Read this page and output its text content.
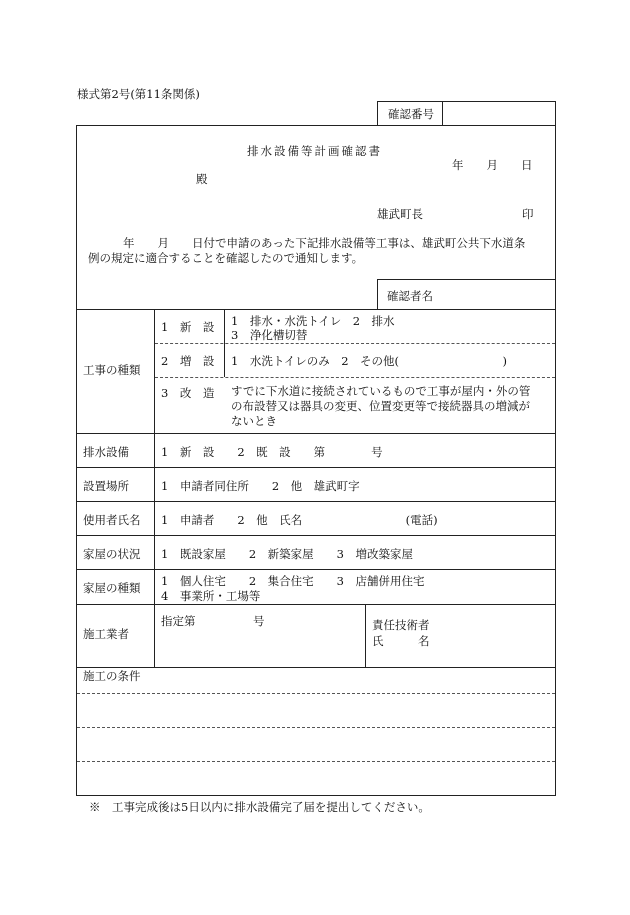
様式第2号(第11条関係)
確認番号
排水設備等計画確認書
年　　月　　日
殿
雄武町長	印
年　　月　　日付で申請のあった下記排水設備等工事は、雄武町公共下水道条
例の規定に適合することを確認したので通知します。
確認者名
工事の種類
1　新　設 1　排水・水洗トイレ　2　排水
3　浄化槽切替
2　増　設 1　水洗トイレのみ　2　その他(　　　　　　　　　)
3　改　造 すでに下水道に接続されているもので工事が屋内・外の管
の布設替又は器具の変更、位置変更等で接続器具の増減が
ないとき
排水設備	1　新　設　　2　既　設　　第　　　　号
設置場所	1　申請者同住所　　2　他　雄武町字
使用者氏名 1　申請者　　2　他　氏名　　　　　　　　　(電話)
家屋の状況 1　既設家屋　　2　新築家屋　　3　増改築家屋
家屋の種類 1　個人住宅　　2　集合住宅　　3　店舗併用住宅
4　事業所・工場等
施工業者
指定第　　　　　号	責任技術者
氏　　　名
施工の条件
※　工事完成後は5日以内に排水設備完了届を提出してください。
